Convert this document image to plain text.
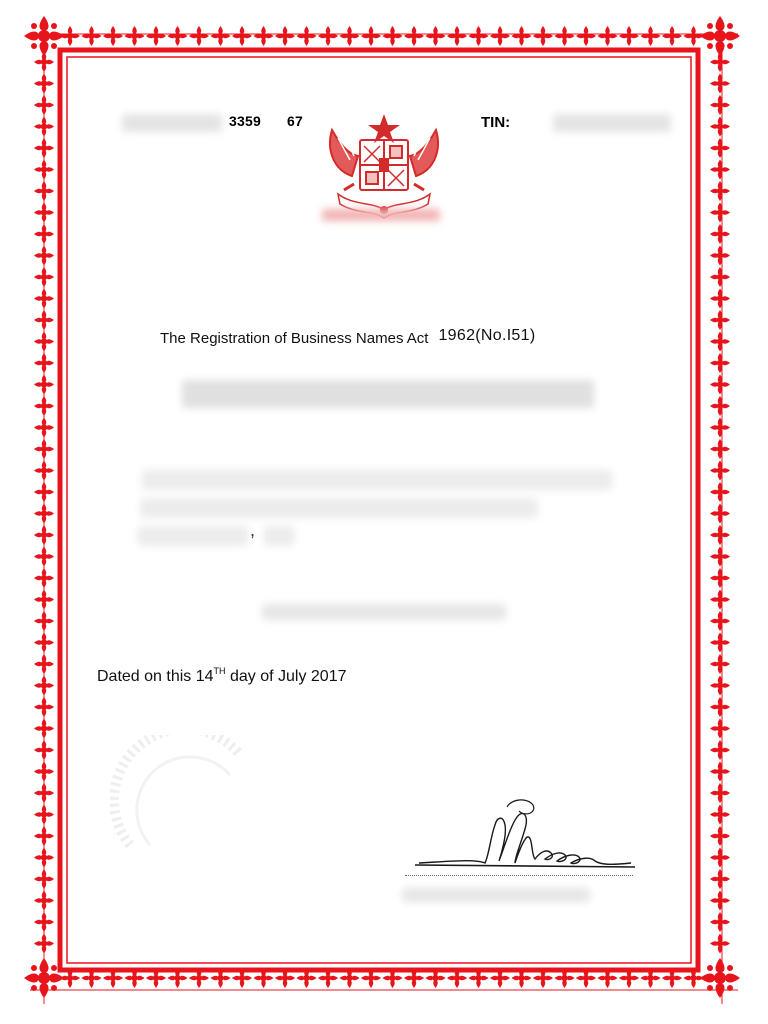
3359 67	TIN:
The Registration of Business Names Act 1962(No.I51)
,
Dated on this 14TH day of July 2017
